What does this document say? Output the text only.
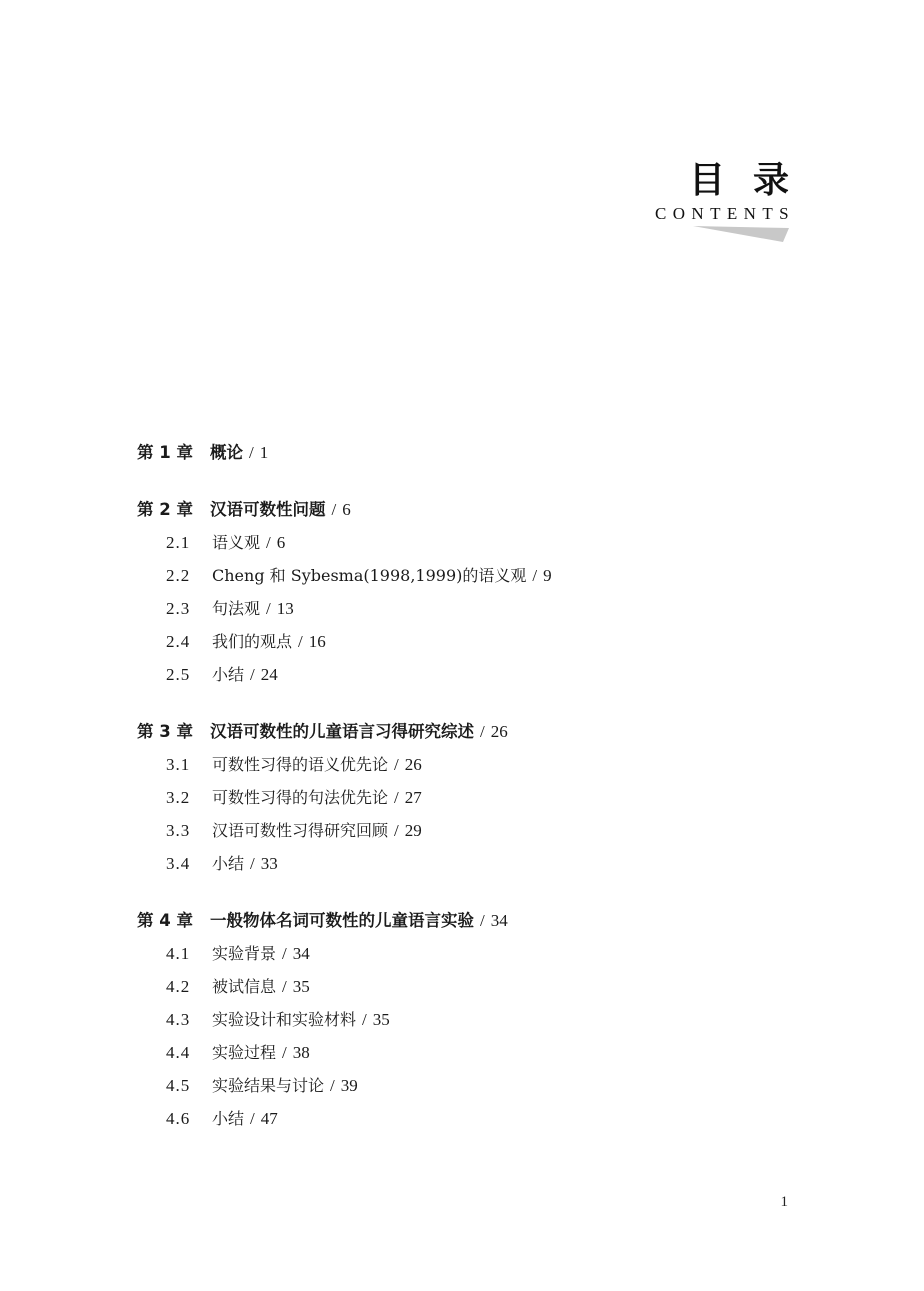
目录
CONTENTS
第 1 章 概论 / 1
第 2 章 汉语可数性问题 / 6
2.1 语义观 / 6
2.2 Cheng 和 Sybesma(1998,1999)的语义观 / 9
2.3 句法观 / 13
2.4 我们的观点 / 16
2.5 小结 / 24
第 3 章 汉语可数性的儿童语言习得研究综述 / 26
3.1 可数性习得的语义优先论 / 26
3.2 可数性习得的句法优先论 / 27
3.3 汉语可数性习得研究回顾 / 29
3.4 小结 / 33
第 4 章 一般物体名词可数性的儿童语言实验 / 34
4.1 实验背景 / 34
4.2 被试信息 / 35
4.3 实验设计和实验材料 / 35
4.4 实验过程 / 38
4.5 实验结果与讨论 / 39
4.6 小结 / 47
1
